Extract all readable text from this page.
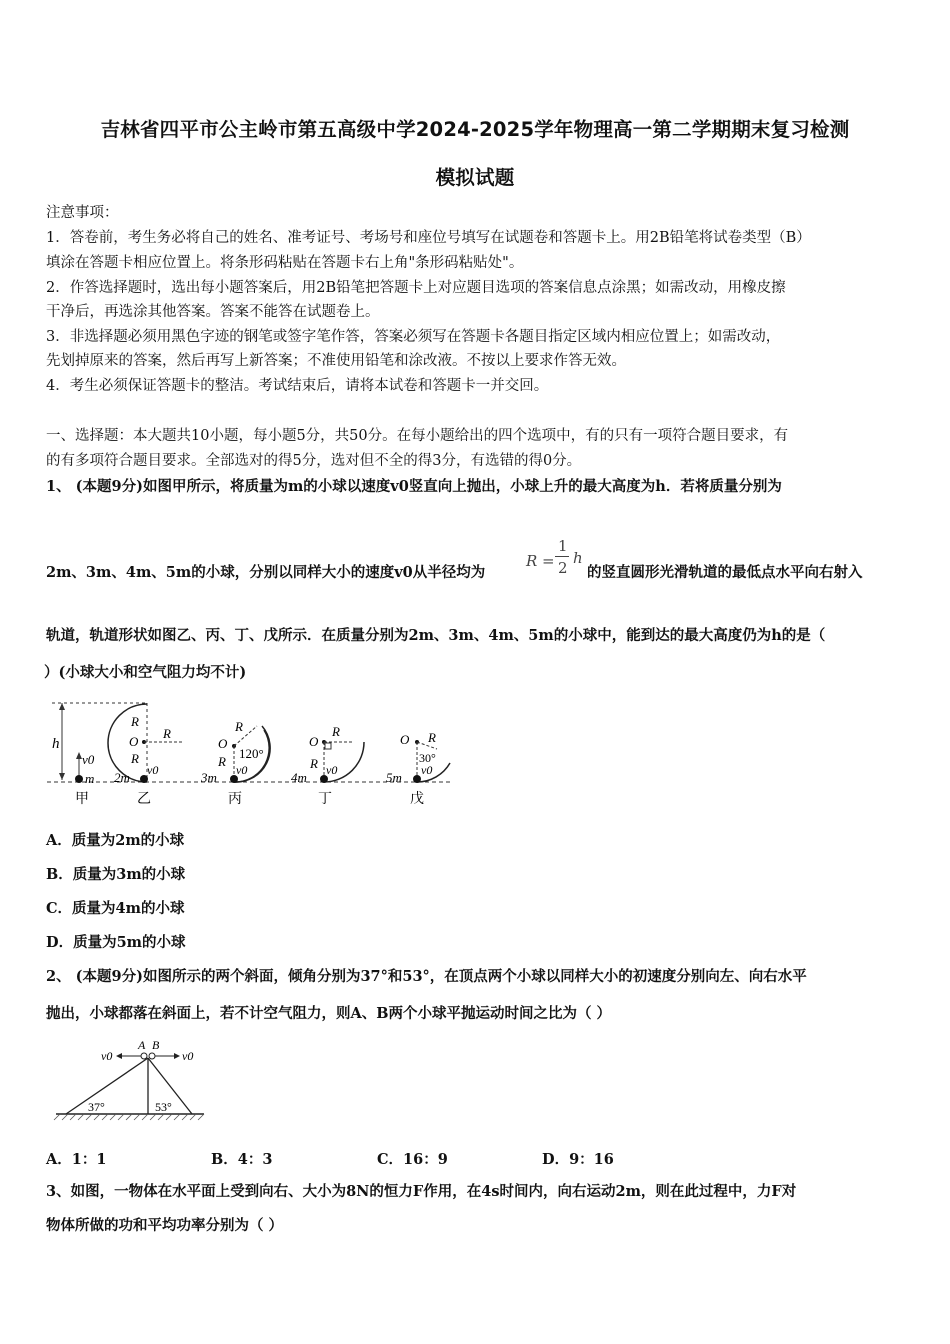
吉林省四平市公主岭市第五高级中学2024-2025学年物理高一第二学期期末复习检测
模拟试题
注意事项：
1．答卷前，考生务必将自己的姓名、准考证号、考场号和座位号填写在试题卷和答题卡上。用2B铅笔将试卷类型（B）
填涂在答题卡相应位置上。将条形码粘贴在答题卡右上角"条形码粘贴处"。
2．作答选择题时，选出每小题答案后，用2B铅笔把答题卡上对应题目选项的答案信息点涂黑；如需改动，用橡皮擦
干净后，再选涂其他答案。答案不能答在试题卷上。
3．非选择题必须用黑色字迹的钢笔或签字笔作答，答案必须写在答题卡各题目指定区域内相应位置上；如需改动，
先划掉原来的答案，然后再写上新答案；不准使用铅笔和涂改液。不按以上要求作答无效。
4．考生必须保证答题卡的整洁。考试结束后，请将本试卷和答题卡一并交回。
一、选择题：本大题共10小题，每小题5分，共50分。在每小题给出的四个选项中，有的只有一项符合题目要求，有
的有多项符合题目要求。全部选对的得5分，选对但不全的得3分，有选错的得0分。
1、 (本题9分)如图甲所示，将质量为m的小球以速度v0竖直向上抛出，小球上升的最大高度为h．若将质量分别为
2m、3m、4m、5m的小球，分别以同样大小的速度v0从半径均为
R =
1
2
h
的竖直圆形光滑轨道的最低点水平向右射入
轨道，轨道形状如图乙、丙、丁、戊所示．在质量分别为2m、3m、4m、5m的小球中，能到达的最大高度仍为h的是（
）(小球大小和空气阻力均不计)
h
v0
m
甲
R
O
R
R
2m v0
乙
R
O
120°
R
3m v0
丙
O
R
R
4m v0
丁
O R
30°
5m v0
戊
A．质量为2m的小球
B．质量为3m的小球
C．质量为4m的小球
D．质量为5m的小球
2、 (本题9分)如图所示的两个斜面，倾角分别为37°和53°，在顶点两个小球以同样大小的初速度分别向左、向右水平
抛出，小球都落在斜面上，若不计空气阻力，则A、B两个小球平抛运动时间之比为（ ）
A B
v0	v0
37°	53°
A．1：1	B．4：3	C．16：9	D．9：16
3、如图，一物体在水平面上受到向右、大小为8N的恒力F作用，在4s时间内，向右运动2m，则在此过程中，力F对
物体所做的功和平均功率分别为（ ）
